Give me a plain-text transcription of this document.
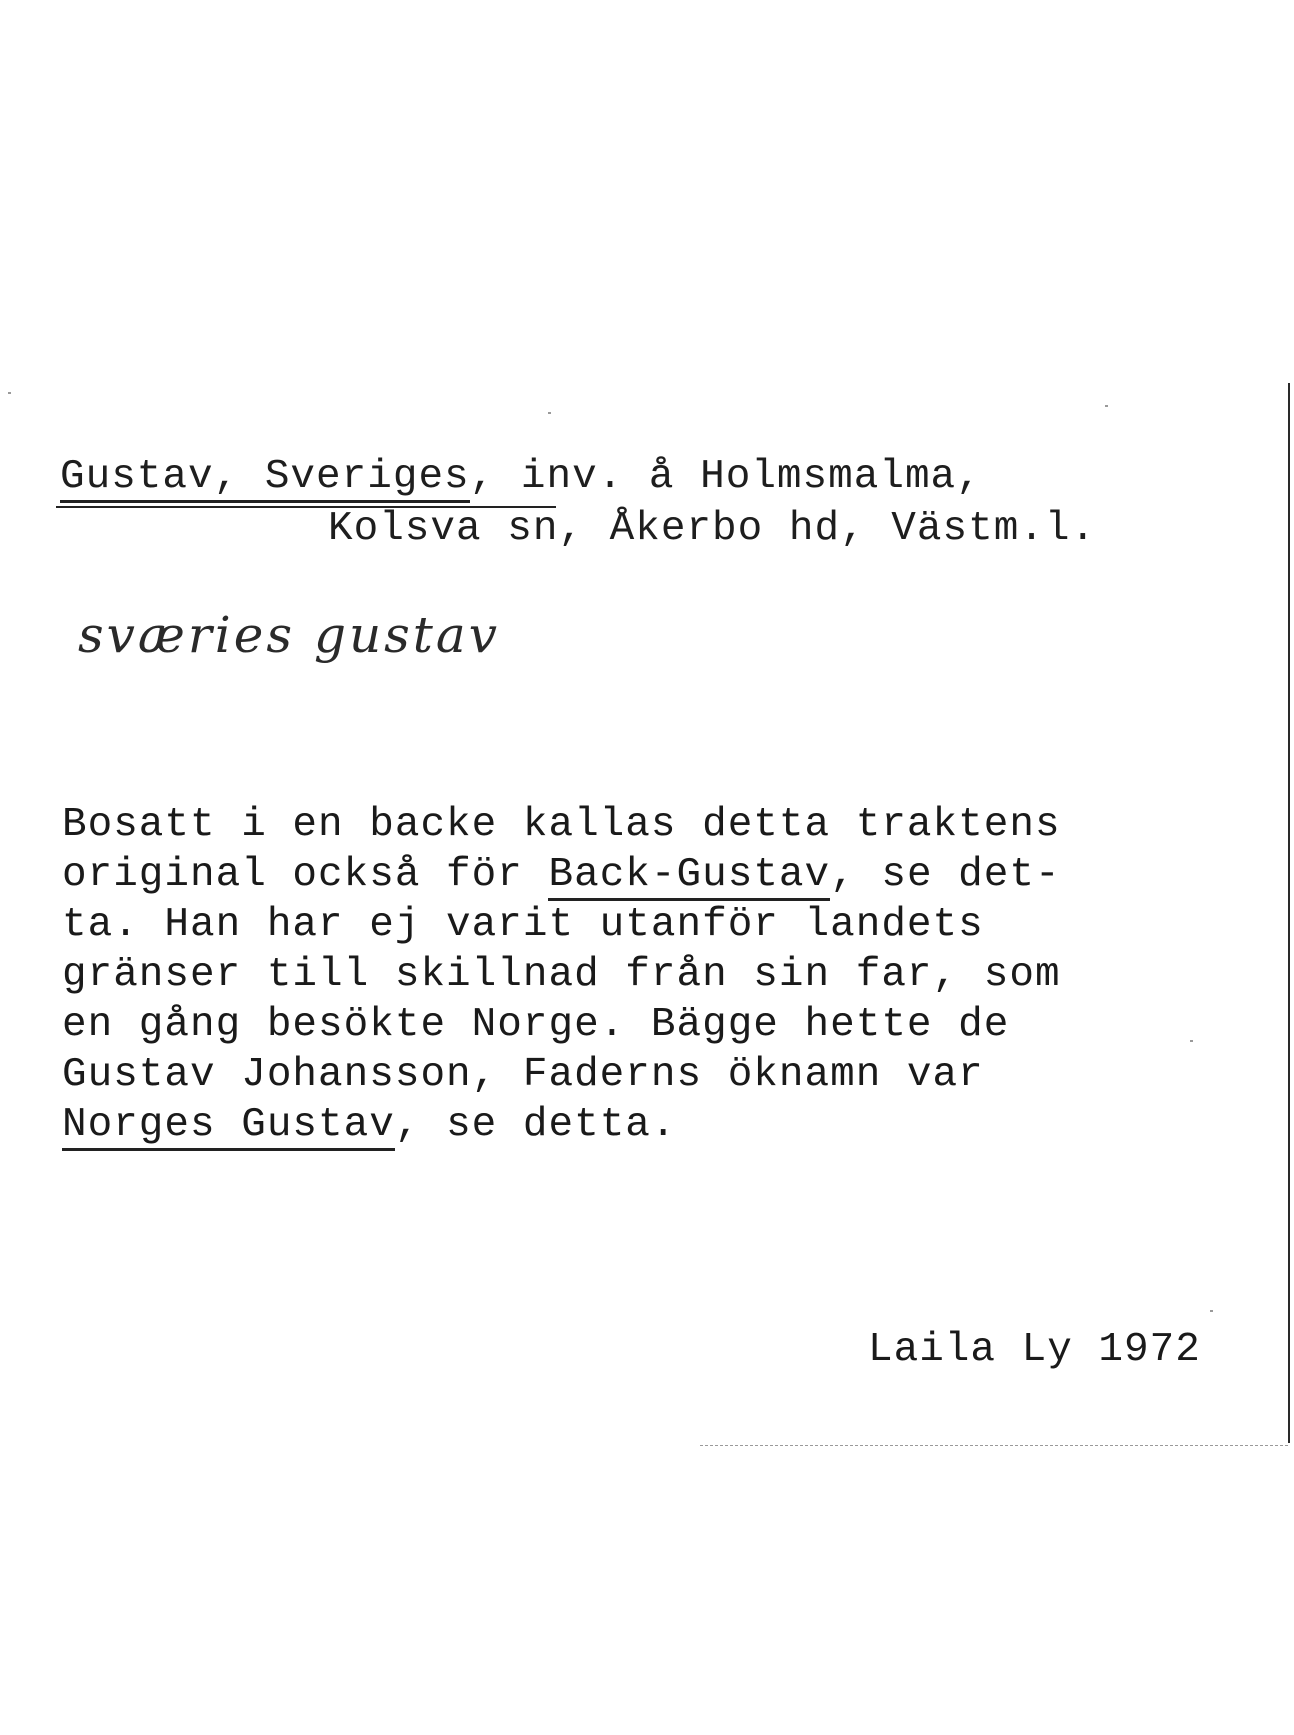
Gustav, Sveriges, inv. å Holmsmalma,
Kolsva sn, Åkerbo hd, Västm.l.
sværies gustav
Bosatt i en backe kallas detta traktens
original också för Back-Gustav, se det-
ta. Han har ej varit utanför landets
gränser till skillnad från sin far, som
en gång besökte Norge. Bägge hette de
Gustav Johansson, Faderns öknamn var
Norges Gustav, se detta.
Laila Ly 1972
